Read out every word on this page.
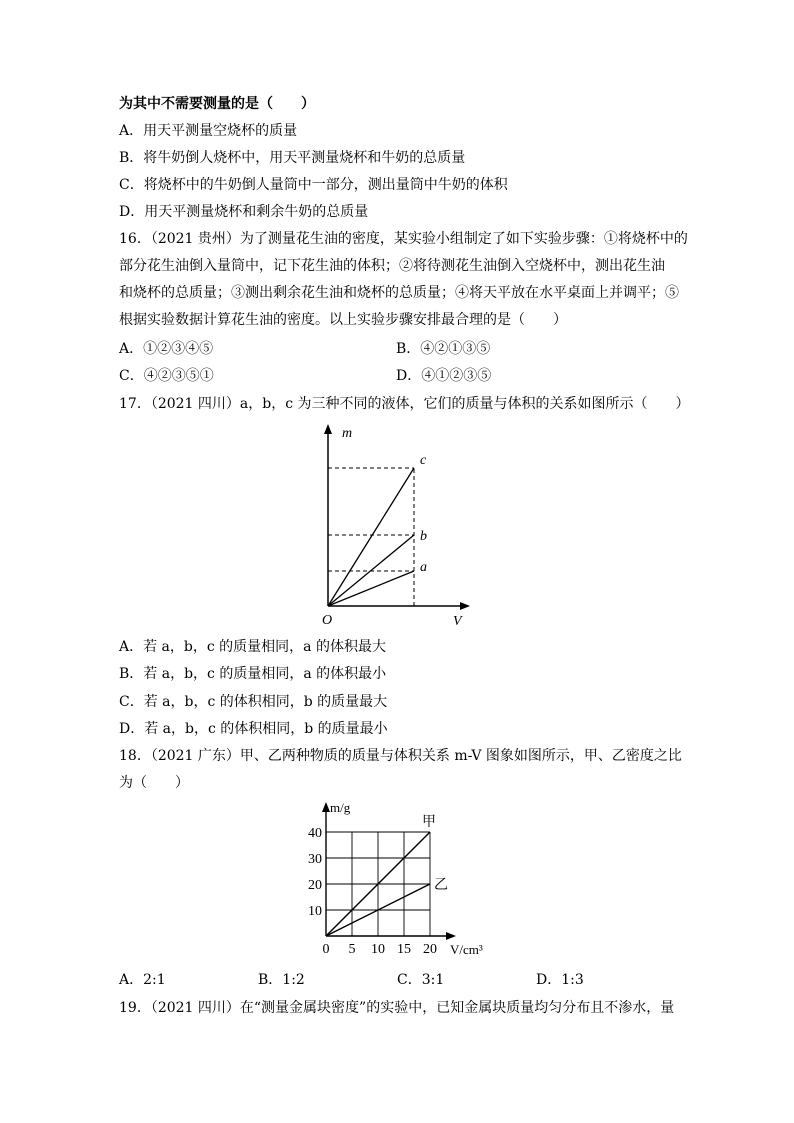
为其中不需要测量的是（　　）
A．用天平测量空烧杯的质量
B．将牛奶倒人烧杯中，用天平测量烧杯和牛奶的总质量
C．将烧杯中的牛奶倒人量筒中一部分，测出量筒中牛奶的体积
D．用天平测量烧杯和剩余牛奶的总质量
16．（2021 贵州）为了测量花生油的密度，某实验小组制定了如下实验步骤：①将烧杯中的
部分花生油倒入量筒中，记下花生油的体积；②将待测花生油倒入空烧杯中，测出花生油
和烧杯的总质量；③测出剩余花生油和烧杯的总质量；④将天平放在水平桌面上并调平；⑤
根据实验数据计算花生油的密度。以上实验步骤安排最合理的是（　　）
A．①②③④⑤	B．④②①③⑤
C．④②③⑤①	D．④①②③⑤
17．（2021 四川）a，b，c 为三种不同的液体，它们的质量与体积的关系如图所示（　　）
m
V
O
c
b
a
A．若 a，b，c 的质量相同，a 的体积最大
B．若 a，b，c 的质量相同，a 的体积最小
C．若 a，b，c 的体积相同，b 的质量最大
D．若 a，b，c 的体积相同，b 的质量最小
18．（2021 广东）甲、乙两种物质的质量与体积关系 m-V 图象如图所示，甲、乙密度之比
为（　　）
0 5 10 15 20
10
20
30
40
m/g
V/cm³
甲
乙
A．2:1	B．1:2	C．3:1	D．1:3
19．（2021 四川）在“测量金属块密度”的实验中，已知金属块质量均匀分布且不渗水，量
